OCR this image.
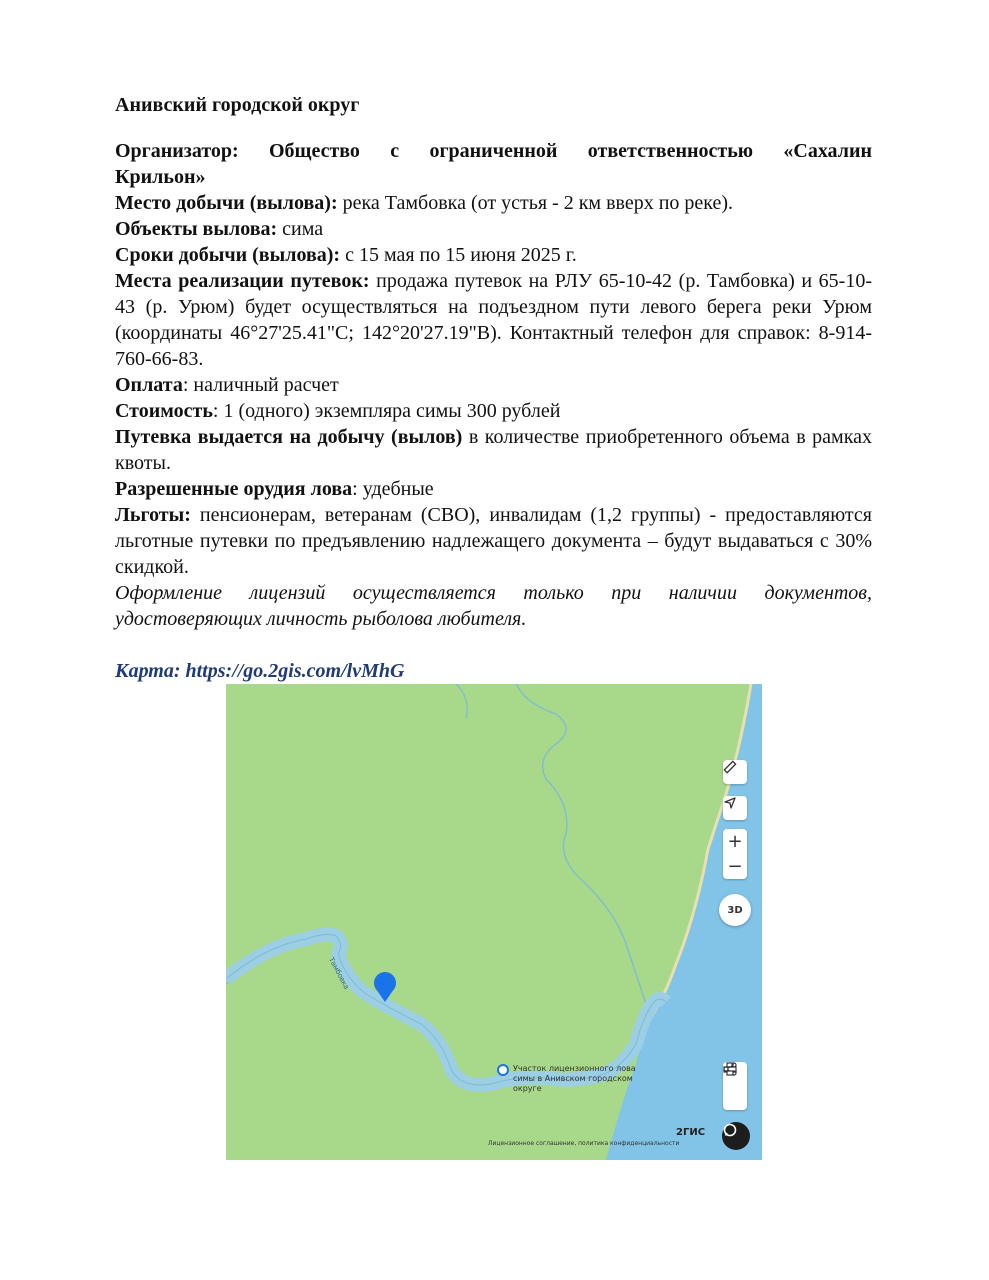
Анивский городской округ

Организатор: Общество с ограниченной ответственностью «Сахалин

Крильон»

Место добычи (вылова): река Тамбовка (от устья - 2 км вверх по реке).

Объекты вылова: сима

Сроки добычи (вылова): с 15 мая по 15 июня 2025 г.

Места реализации путевок: продажа путевок на РЛУ 65-10-42 (р. Тамбовка) и 65-10-43 (р. Урюм) будет осуществляться на подъездном пути левого берега реки Урюм (координаты 46°27'25.41"С; 142°20'27.19"В). Контактный телефон для справок: 8-914-760-66-83.

Оплата: наличный расчет

Стоимость: 1 (одного) экземпляра симы 300 рублей

Путевка выдается на добычу (вылов) в количестве приобретенного объема в рамках квоты.

Разрешенные орудия лова: удебные

Льготы: пенсионерам, ветеранам (СВО), инвалидам (1,2 группы) - предоставляются льготные путевки по предъявлению надлежащего документа – будут выдаваться с 30% скидкой.

Оформление лицензий осуществляется только при наличии документов, удостоверяющих личность рыболова любителя.

Карта: https://go.2gis.com/lvMhG
Тамбовка
Участок лицензионного лова симы в Анивском городском округе
+
−
3D
2ГИС
Лицензионное соглашение, политика конфиденциальности
